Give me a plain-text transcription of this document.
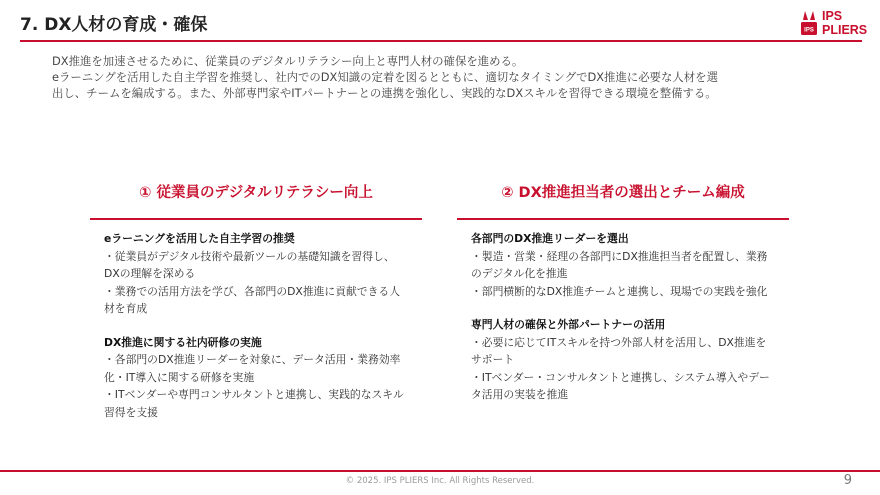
7. DX人材の育成・確保	IPS
IPS
PLIERS

DX推進を加速させるために、従業員のデジタルリテラシー向上と専門人材の確保を進める。

eラーニングを活用した自主学習を推奨し、社内でのDX知識の定着を図るとともに、適切なタイミングでDX推進に必要な人材を選

出し、チームを編成する。また、外部専門家やITパートナーとの連携を強化し、実践的なDXスキルを習得できる環境を整備する。

① 従業員のデジタルリテラシー向上
eラーニングを活用した自主学習の推奨

・従業員がデジタル技術や最新ツールの基礎知識を習得し、DXの理解を深める

・業務での活用方法を学び、各部門のDX推進に貢献できる人材を育成

DX推進に関する社内研修の実施

・各部門のDX推進リーダーを対象に、データ活用・業務効率化・IT導入に関する研修を実施

・ITベンダーや専門コンサルタントと連携し、実践的なスキル習得を支援

② DX推進担当者の選出とチーム編成
各部門のDX推進リーダーを選出

・製造・営業・経理の各部門にDX推進担当者を配置し、業務のデジタル化を推進

・部門横断的なDX推進チームと連携し、現場での実践を強化

専門人材の確保と外部パートナーの活用

・必要に応じてITスキルを持つ外部人材を活用し、DX推進をサポート

・ITベンダー・コンサルタントと連携し、システム導入やデータ活用の実装を推進

© 2025. IPS PLIERS Inc. All Rights Reserved.	9
